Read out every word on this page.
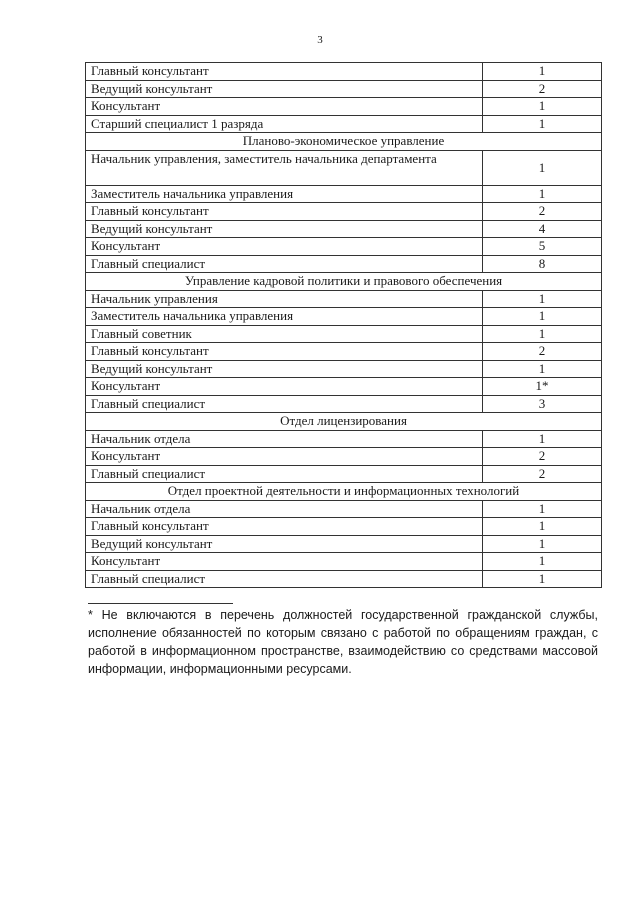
3
Главный консультант	1
Ведущий консультант	2
Консультант	1
Старший специалист 1 разряда	1
Планово-экономическое управление	
Начальник управления, заместитель начальника департамента	1
Заместитель начальника управления	1
Главный консультант	2
Ведущий консультант	4
Консультант	5
Главный специалист	8
Управление кадровой политики и правового обеспечения	
Начальник управления	1
Заместитель начальника управления	1
Главный советник	1
Главный консультант	2
Ведущий консультант	1
Консультант	1*
Главный специалист	3
Отдел лицензирования	
Начальник отдела	1
Консультант	2
Главный специалист	2
Отдел проектной деятельности и информационных технологий	
Начальник отдела	1
Главный консультант	1
Ведущий консультант	1
Консультант	1
Главный специалист	1
* Не включаются в перечень должностей государственной гражданской службы, исполнение обязанностей по которым связано с работой по обращениям граждан, с работой в информационном пространстве, взаимодействию со средствами массовой информации, информационными ресурсами.
